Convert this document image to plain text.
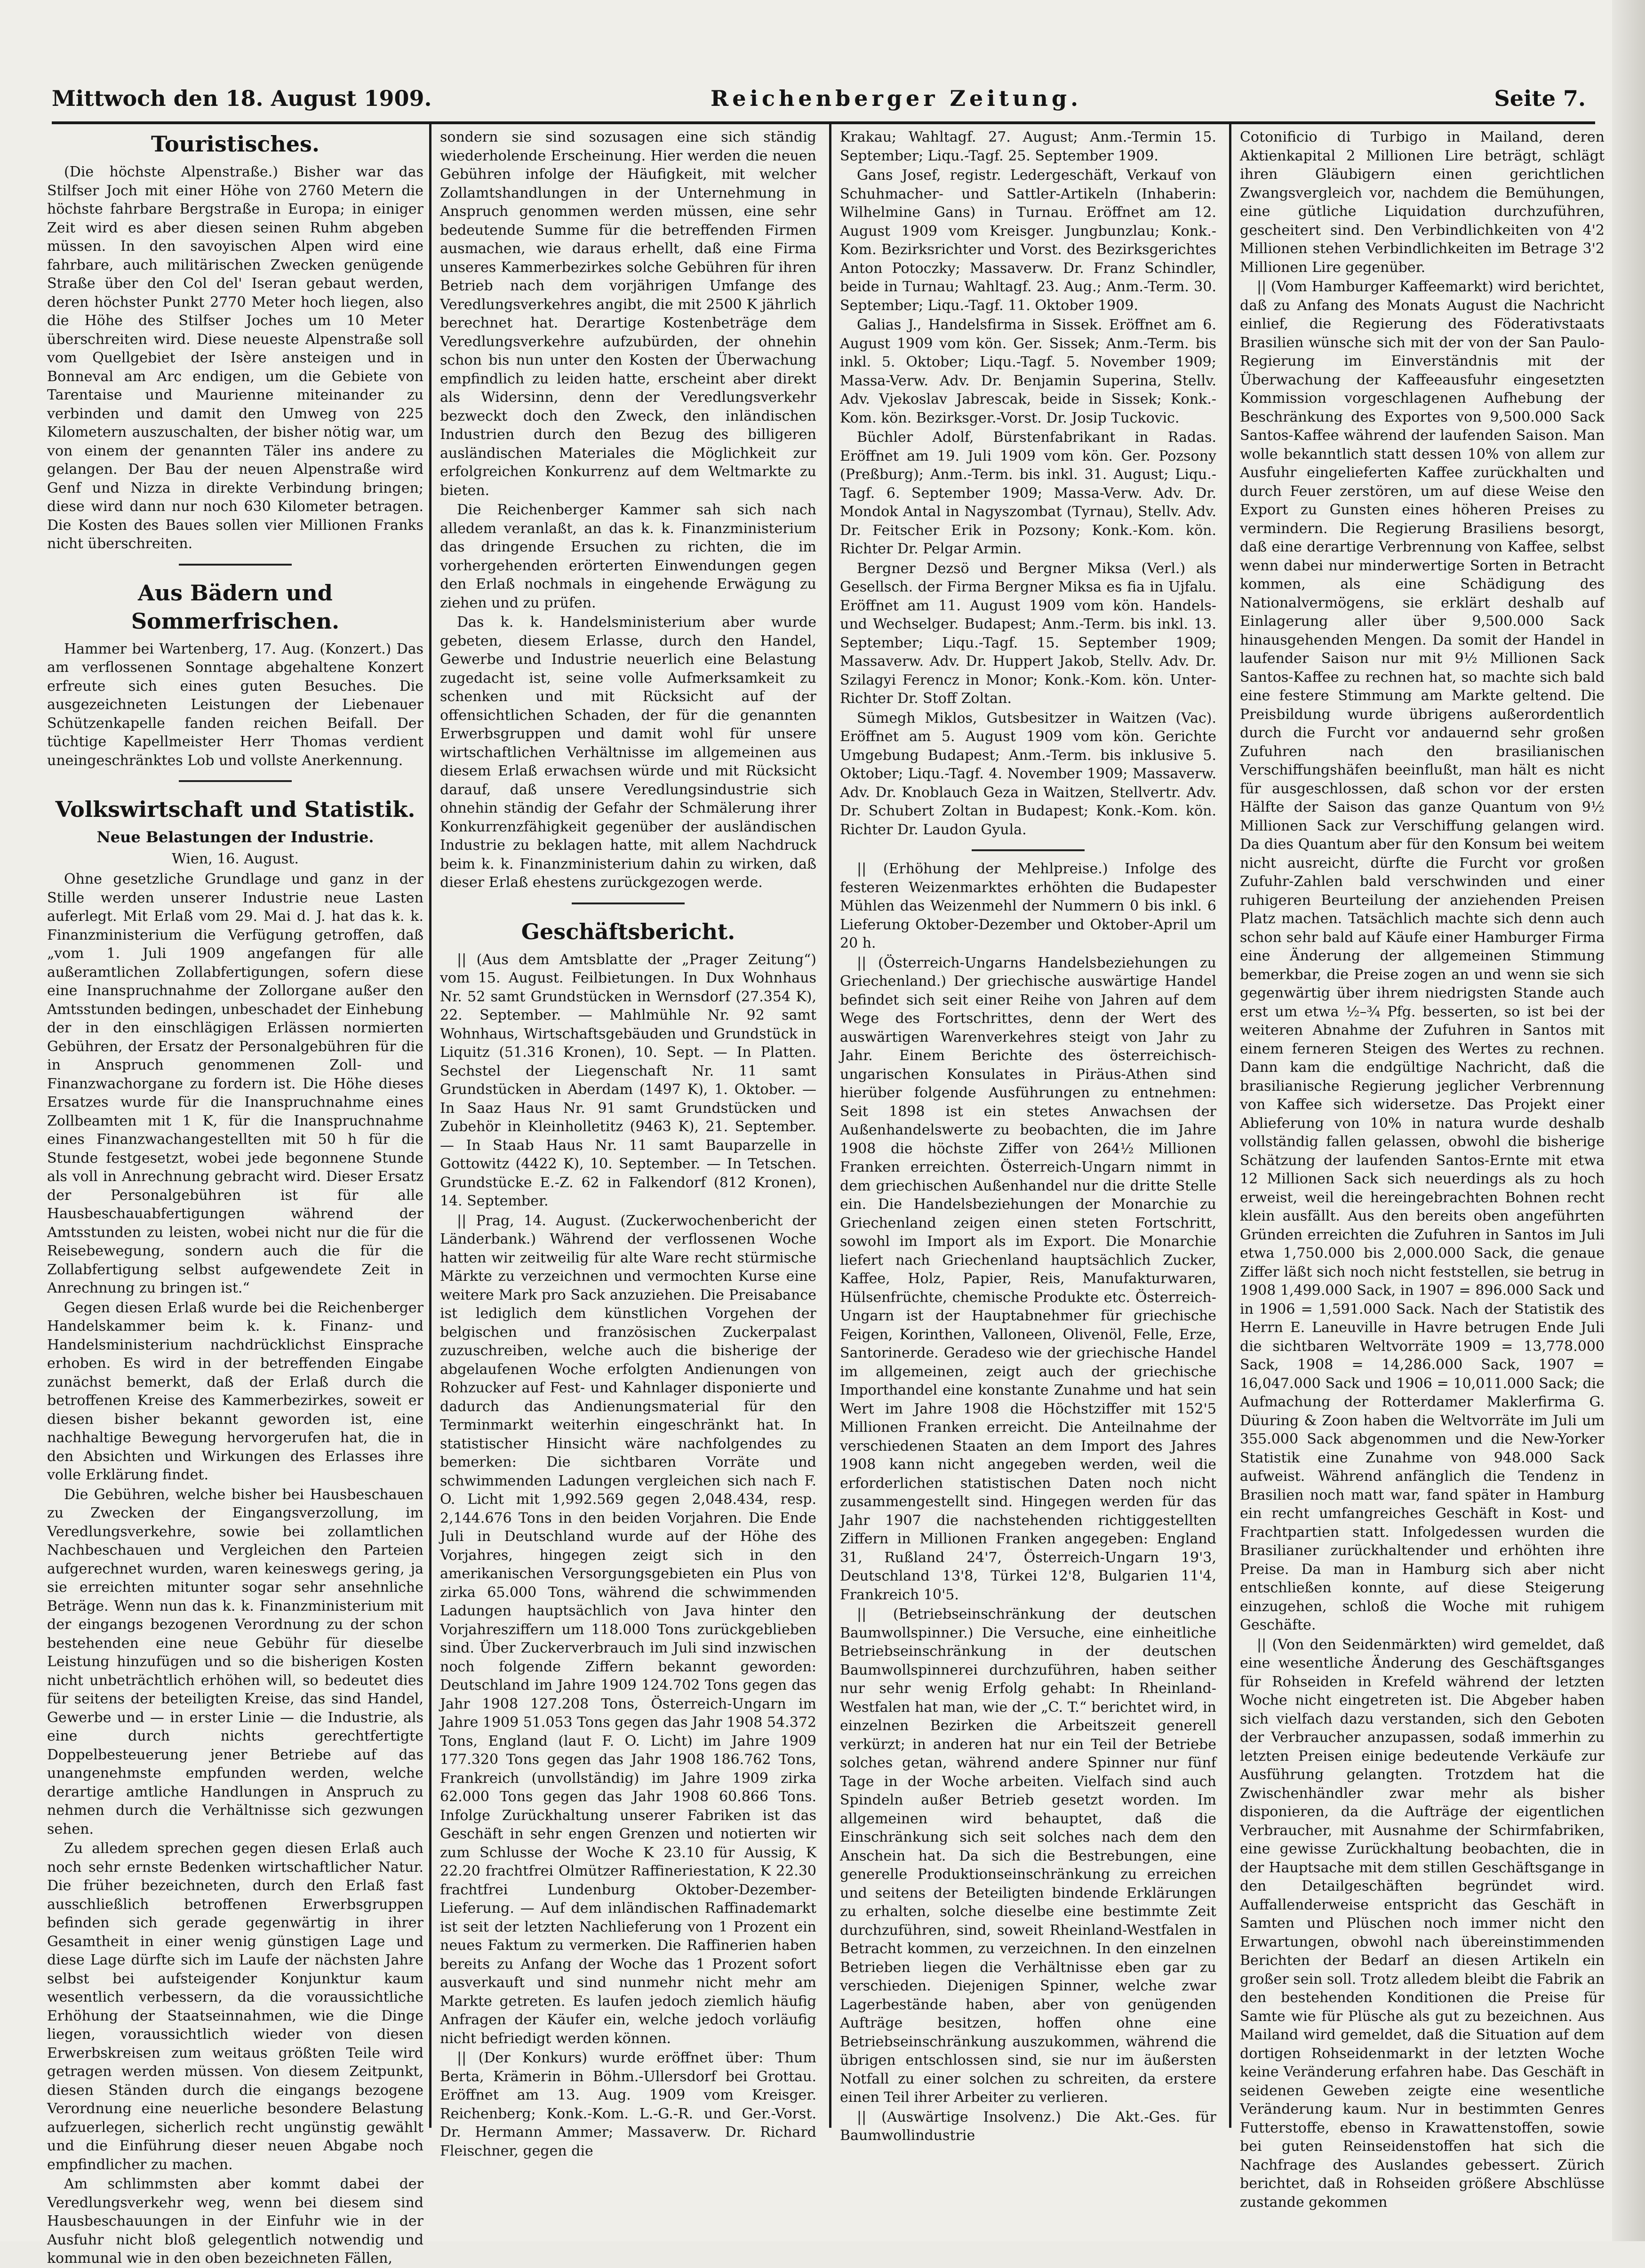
Mittwoch den 18. August 1909.	Reichenberger Zeitung.	Seite 7.
Touristisches.

(Die höchste Alpenstraße.) Bisher war das Stilfser Joch mit einer Höhe von 2760 Metern die höchste fahrbare Bergstraße in Europa; in einiger Zeit wird es aber diesen seinen Ruhm abgeben müssen. In den savoyischen Alpen wird eine fahrbare, auch militärischen Zwecken genügende Straße über den Col del' Iseran gebaut werden, deren höchster Punkt 2770 Meter hoch liegen, also die Höhe des Stilfser Joches um 10 Meter überschreiten wird. Diese neueste Alpenstraße soll vom Quellgebiet der Isère ansteigen und in Bonneval am Arc endigen, um die Gebiete von Tarentaise und Maurienne miteinander zu verbinden und damit den Umweg von 225 Kilometern auszuschalten, der bisher nötig war, um von einem der genannten Täler ins andere zu gelangen. Der Bau der neuen Alpenstraße wird Genf und Nizza in direkte Verbindung bringen; diese wird dann nur noch 630 Kilometer betragen. Die Kosten des Baues sollen vier Millionen Franks nicht überschreiten.

Aus Bädern und Sommerfrischen.

Hammer bei Wartenberg, 17. Aug. (Konzert.) Das am verflossenen Sonntage abgehaltene Konzert erfreute sich eines guten Besuches. Die ausgezeichneten Leistungen der Liebenauer Schützenkapelle fanden reichen Beifall. Der tüchtige Kapellmeister Herr Thomas verdient uneingeschränktes Lob und vollste Anerkennung.

Volkswirtschaft und Statistik.
Neue Belastungen der Industrie.
Wien, 16. August.

Ohne gesetzliche Grundlage und ganz in der Stille werden unserer Industrie neue Lasten auferlegt. Mit Erlaß vom 29. Mai d. J. hat das k. k. Finanzministerium die Verfügung getroffen, daß „vom 1. Juli 1909 angefangen für alle außeramtlichen Zollabfertigungen, sofern diese eine Inanspruchnahme der Zollorgane außer den Amtsstunden bedingen, unbeschadet der Einhebung der in den einschlägigen Erlässen normierten Gebühren, der Ersatz der Personalgebühren für die in Anspruch genommenen Zoll- und Finanzwachorgane zu fordern ist. Die Höhe dieses Ersatzes wurde für die Inanspruchnahme eines Zollbeamten mit 1 K, für die Inanspruchnahme eines Finanzwachangestellten mit 50 h für die Stunde festgesetzt, wobei jede begonnene Stunde als voll in Anrechnung gebracht wird. Dieser Ersatz der Personalgebühren ist für alle Hausbeschauabfertigungen während der Amtsstunden zu leisten, wobei nicht nur die für die Reisebewegung, sondern auch die für die Zollabfertigung selbst aufgewendete Zeit in Anrechnung zu bringen ist.“

Gegen diesen Erlaß wurde bei die Reichenberger Handelskammer beim k. k. Finanz- und Handelsministerium nachdrücklichst Einsprache erhoben. Es wird in der betreffenden Eingabe zunächst bemerkt, daß der Erlaß durch die betroffenen Kreise des Kammerbezirkes, soweit er diesen bisher bekannt geworden ist, eine nachhaltige Bewegung hervorgerufen hat, die in den Absichten und Wirkungen des Erlasses ihre volle Erklärung findet.

Die Gebühren, welche bisher bei Hausbeschauen zu Zwecken der Eingangsverzollung, im Veredlungsverkehre, sowie bei zollamtlichen Nachbeschauen und Vergleichen den Parteien aufgerechnet wurden, waren keineswegs gering, ja sie erreichten mitunter sogar sehr ansehnliche Beträge. Wenn nun das k. k. Finanzministerium mit der eingangs bezogenen Verordnung zu der schon bestehenden eine neue Gebühr für dieselbe Leistung hinzufügen und so die bisherigen Kosten nicht unbeträchtlich erhöhen will, so bedeutet dies für seitens der beteiligten Kreise, das sind Handel, Gewerbe und — in erster Linie — die Industrie, als eine durch nichts gerechtfertigte Doppelbesteuerung jener Betriebe auf das unangenehmste empfunden werden, welche derartige amtliche Handlungen in Anspruch zu nehmen durch die Verhältnisse sich gezwungen sehen.

Zu alledem sprechen gegen diesen Erlaß auch noch sehr ernste Bedenken wirtschaftlicher Natur. Die früher bezeichneten, durch den Erlaß fast ausschließlich betroffenen Erwerbsgruppen befinden sich gerade gegenwärtig in ihrer Gesamtheit in einer wenig günstigen Lage und diese Lage dürfte sich im Laufe der nächsten Jahre selbst bei aufsteigender Konjunktur kaum wesentlich verbessern, da die voraussichtliche Erhöhung der Staatseinnahmen, wie die Dinge liegen, voraussichtlich wieder von diesen Erwerbskreisen zum weitaus größten Teile wird getragen werden müssen. Von diesem Zeitpunkt, diesen Ständen durch die eingangs bezogene Verordnung eine neuerliche besondere Belastung aufzuerlegen, sicherlich recht ungünstig gewählt und die Einführung dieser neuen Abgabe noch empfindlicher zu machen.

Am schlimmsten aber kommt dabei der Veredlungsverkehr weg, wenn bei diesem sind Hausbeschauungen in der Einfuhr wie in der Ausfuhr nicht bloß gelegentlich notwendig und kommunal wie in den oben bezeichneten Fällen,

sondern sie sind sozusagen eine sich ständig wiederholende Erscheinung. Hier werden die neuen Gebühren infolge der Häufigkeit, mit welcher Zollamtshandlungen in der Unternehmung in Anspruch genommen werden müssen, eine sehr bedeutende Summe für die betreffenden Firmen ausmachen, wie daraus erhellt, daß eine Firma unseres Kammerbezirkes solche Gebühren für ihren Betrieb nach dem vorjährigen Umfange des Veredlungsverkehres angibt, die mit 2500 K jährlich berechnet hat. Derartige Kostenbeträge dem Veredlungsverkehre aufzubürden, der ohnehin schon bis nun unter den Kosten der Überwachung empfindlich zu leiden hatte, erscheint aber direkt als Widersinn, denn der Veredlungsverkehr bezweckt doch den Zweck, den inländischen Industrien durch den Bezug des billigeren ausländischen Materiales die Möglichkeit zur erfolgreichen Konkurrenz auf dem Weltmarkte zu bieten.

Die Reichenberger Kammer sah sich nach alledem veranlaßt, an das k. k. Finanzministerium das dringende Ersuchen zu richten, die im vorhergehenden erörterten Einwendungen gegen den Erlaß nochmals in eingehende Erwägung zu ziehen und zu prüfen.

Das k. k. Handelsministerium aber wurde gebeten, diesem Erlasse, durch den Handel, Gewerbe und Industrie neuerlich eine Belastung zugedacht ist, seine volle Aufmerksamkeit zu schenken und mit Rücksicht auf der offensichtlichen Schaden, der für die genannten Erwerbsgruppen und damit wohl für unsere wirtschaftlichen Verhältnisse im allgemeinen aus diesem Erlaß erwachsen würde und mit Rücksicht darauf, daß unsere Veredlungsindustrie sich ohnehin ständig der Gefahr der Schmälerung ihrer Konkurrenzfähigkeit gegenüber der ausländischen Industrie zu beklagen hatte, mit allem Nachdruck beim k. k. Finanzministerium dahin zu wirken, daß dieser Erlaß ehestens zurückgezogen werde.

Geschäftsbericht.

|| (Aus dem Amtsblatte der „Prager Zeitung“) vom 15. August. Feilbietungen. In Dux Wohnhaus Nr. 52 samt Grundstücken in Wernsdorf (27.354 K), 22. September. — Mahlmühle Nr. 92 samt Wohnhaus, Wirtschaftsgebäuden und Grundstück in Liquitz (51.316 Kronen), 10. Sept. — In Platten. Sechstel der Liegenschaft Nr. 11 samt Grundstücken in Aberdam (1497 K), 1. Oktober. — In Saaz Haus Nr. 91 samt Grundstücken und Zubehör in Kleinholletitz (9463 K), 21. September. — In Staab Haus Nr. 11 samt Bauparzelle in Gottowitz (4422 K), 10. September. — In Tetschen. Grundstücke E.-Z. 62 in Falkendorf (812 Kronen), 14. September.

|| Prag, 14. August. (Zuckerwochenbericht der Länderbank.) Während der verflossenen Woche hatten wir zeitweilig für alte Ware recht stürmische Märkte zu verzeichnen und vermochten Kurse eine weitere Mark pro Sack anzuziehen. Die Preisabance ist lediglich dem künstlichen Vorgehen der belgischen und französischen Zuckerpalast zuzuschreiben, welche auch die bisherige der abgelaufenen Woche erfolgten Andienungen von Rohzucker auf Fest- und Kahnlager disponierte und dadurch das Andienungsmaterial für den Terminmarkt weiterhin eingeschränkt hat. In statistischer Hinsicht wäre nachfolgendes zu bemerken: Die sichtbaren Vorräte und schwimmenden Ladungen vergleichen sich nach F. O. Licht mit 1,992.569 gegen 2,048.434, resp. 2,144.676 Tons in den beiden Vorjahren. Die Ende Juli in Deutschland wurde auf der Höhe des Vorjahres, hingegen zeigt sich in den amerikanischen Versorgungsgebieten ein Plus von zirka 65.000 Tons, während die schwimmenden Ladungen hauptsächlich von Java hinter den Vorjahresziffern um 118.000 Tons zurückgeblieben sind. Über Zuckerverbrauch im Juli sind inzwischen noch folgende Ziffern bekannt geworden: Deutschland im Jahre 1909 124.702 Tons gegen das Jahr 1908 127.208 Tons, Österreich-Ungarn im Jahre 1909 51.053 Tons gegen das Jahr 1908 54.372 Tons, England (laut F. O. Licht) im Jahre 1909 177.320 Tons gegen das Jahr 1908 186.762 Tons, Frankreich (unvollständig) im Jahre 1909 zirka 62.000 Tons gegen das Jahr 1908 60.866 Tons. Infolge Zurückhaltung unserer Fabriken ist das Geschäft in sehr engen Grenzen und notierten wir zum Schlusse der Woche K 23.10 für Aussig, K 22.20 frachtfrei Olmützer Raffineriestation, K 22.30 frachtfrei Lundenburg Oktober-Dezember-Lieferung. — Auf dem inländischen Raffinademarkt ist seit der letzten Nachlieferung von 1 Prozent ein neues Faktum zu vermerken. Die Raffinerien haben bereits zu Anfang der Woche das 1 Prozent sofort ausverkauft und sind nunmehr nicht mehr am Markte getreten. Es laufen jedoch ziemlich häufig Anfragen der Käufer ein, welche jedoch vorläufig nicht befriedigt werden können.

|| (Der Konkurs) wurde eröffnet über: Thum Berta, Krämerin in Böhm.-Ullersdorf bei Grottau. Eröffnet am 13. Aug. 1909 vom Kreisger. Reichenberg; Konk.-Kom. L.-G.-R. und Ger.-Vorst. Dr. Hermann Ammer; Massaverw. Dr. Richard Fleischner, gegen die

Krakau; Wahltagf. 27. August; Anm.-Termin 15. September; Liqu.-Tagf. 25. September 1909.

Gans Josef, registr. Ledergeschäft, Verkauf von Schuhmacher- und Sattler-Artikeln (Inhaberin: Wilhelmine Gans) in Turnau. Eröffnet am 12. August 1909 vom Kreisger. Jungbunzlau; Konk.-Kom. Bezirksrichter und Vorst. des Bezirksgerichtes Anton Potoczky; Massaverw. Dr. Franz Schindler, beide in Turnau; Wahltagf. 23. Aug.; Anm.-Term. 30. September; Liqu.-Tagf. 11. Oktober 1909.

Galias J., Handelsfirma in Sissek. Eröffnet am 6. August 1909 vom kön. Ger. Sissek; Anm.-Term. bis inkl. 5. Oktober; Liqu.-Tagf. 5. November 1909; Massa-Verw. Adv. Dr. Benjamin Superina, Stellv. Adv. Vjekoslav Jabrescak, beide in Sissek; Konk.-Kom. kön. Bezirksger.-Vorst. Dr. Josip Tuckovic.

Büchler Adolf, Bürstenfabrikant in Radas. Eröffnet am 19. Juli 1909 vom kön. Ger. Pozsony (Preßburg); Anm.-Term. bis inkl. 31. August; Liqu.-Tagf. 6. September 1909; Massa-Verw. Adv. Dr. Mondok Antal in Nagyszombat (Tyrnau), Stellv. Adv. Dr. Feitscher Erik in Pozsony; Konk.-Kom. kön. Richter Dr. Pelgar Armin.

Bergner Dezsö und Bergner Miksa (Verl.) als Gesellsch. der Firma Bergner Miksa es fia in Ujfalu. Eröffnet am 11. August 1909 vom kön. Handels- und Wechselger. Budapest; Anm.-Term. bis inkl. 13. September; Liqu.-Tagf. 15. September 1909; Massaverw. Adv. Dr. Huppert Jakob, Stellv. Adv. Dr. Szilagyi Ferencz in Monor; Konk.-Kom. kön. Unter-Richter Dr. Stoff Zoltan.

Sümegh Miklos, Gutsbesitzer in Waitzen (Vac). Eröffnet am 5. August 1909 vom kön. Gerichte Umgebung Budapest; Anm.-Term. bis inklusive 5. Oktober; Liqu.-Tagf. 4. November 1909; Massaverw. Adv. Dr. Knoblauch Geza in Waitzen, Stellvertr. Adv. Dr. Schubert Zoltan in Budapest; Konk.-Kom. kön. Richter Dr. Laudon Gyula.

|| (Erhöhung der Mehlpreise.) Infolge des festeren Weizenmarktes erhöhten die Budapester Mühlen das Weizenmehl der Nummern 0 bis inkl. 6 Lieferung Oktober-Dezember und Oktober-April um 20 h.

|| (Österreich-Ungarns Handelsbeziehungen zu Griechenland.) Der griechische auswärtige Handel befindet sich seit einer Reihe von Jahren auf dem Wege des Fortschrittes, denn der Wert des auswärtigen Warenverkehres steigt von Jahr zu Jahr. Einem Berichte des österreichisch-ungarischen Konsulates in Piräus-Athen sind hierüber folgende Ausführungen zu entnehmen: Seit 1898 ist ein stetes Anwachsen der Außenhandelswerte zu beobachten, die im Jahre 1908 die höchste Ziffer von 264½ Millionen Franken erreichten. Österreich-Ungarn nimmt in dem griechischen Außenhandel nur die dritte Stelle ein. Die Handelsbeziehungen der Monarchie zu Griechenland zeigen einen steten Fortschritt, sowohl im Import als im Export. Die Monarchie liefert nach Griechenland hauptsächlich Zucker, Kaffee, Holz, Papier, Reis, Manufakturwaren, Hülsenfrüchte, chemische Produkte etc. Österreich-Ungarn ist der Hauptabnehmer für griechische Feigen, Korinthen, Valloneen, Olivenöl, Felle, Erze, Santorinerde. Geradeso wie der griechische Handel im allgemeinen, zeigt auch der griechische Importhandel eine konstante Zunahme und hat sein Wert im Jahre 1908 die Höchstziffer mit 152'5 Millionen Franken erreicht. Die Anteilnahme der verschiedenen Staaten an dem Import des Jahres 1908 kann nicht angegeben werden, weil die erforderlichen statistischen Daten noch nicht zusammengestellt sind. Hingegen werden für das Jahr 1907 die nachstehenden richtiggestellten Ziffern in Millionen Franken angegeben: England 31, Rußland 24'7, Österreich-Ungarn 19'3, Deutschland 13'8, Türkei 12'8, Bulgarien 11'4, Frankreich 10'5.

|| (Betriebseinschränkung der deutschen Baumwollspinner.) Die Versuche, eine einheitliche Betriebseinschränkung in der deutschen Baumwollspinnerei durchzuführen, haben seither nur sehr wenig Erfolg gehabt: In Rheinland-Westfalen hat man, wie der „C. T.“ berichtet wird, in einzelnen Bezirken die Arbeitszeit generell verkürzt; in anderen hat nur ein Teil der Betriebe solches getan, während andere Spinner nur fünf Tage in der Woche arbeiten. Vielfach sind auch Spindeln außer Betrieb gesetzt worden. Im allgemeinen wird behauptet, daß die Einschränkung sich seit solches nach dem den Anschein hat. Da sich die Bestrebungen, eine generelle Produktionseinschränkung zu erreichen und seitens der Beteiligten bindende Erklärungen zu erhalten, solche dieselbe eine bestimmte Zeit durchzuführen, sind, soweit Rheinland-Westfalen in Betracht kommen, zu verzeichnen. In den einzelnen Betrieben liegen die Verhältnisse eben gar zu verschieden. Diejenigen Spinner, welche zwar Lagerbestände haben, aber von genügenden Aufträge besitzen, hoffen ohne eine Betriebseinschränkung auszukommen, während die übrigen entschlossen sind, sie nur im äußersten Notfall zu einer solchen zu schreiten, da erstere einen Teil ihrer Arbeiter zu verlieren.

|| (Auswärtige Insolvenz.) Die Akt.-Ges. für Baumwollindustrie

Cotonificio di Turbigo in Mailand, deren Aktienkapital 2 Millionen Lire beträgt, schlägt ihren Gläubigern einen gerichtlichen Zwangsvergleich vor, nachdem die Bemühungen, eine gütliche Liquidation durchzuführen, gescheitert sind. Den Verbindlichkeiten von 4'2 Millionen stehen Verbindlichkeiten im Betrage 3'2 Millionen Lire gegenüber.

|| (Vom Hamburger Kaffeemarkt) wird berichtet, daß zu Anfang des Monats August die Nachricht einlief, die Regierung des Föderativstaats Brasilien wünsche sich mit der von der San Paulo-Regierung im Einverständnis mit der Überwachung der Kaffeeausfuhr eingesetzten Kommission vorgeschlagenen Aufhebung der Beschränkung des Exportes von 9,500.000 Sack Santos-Kaffee während der laufenden Saison. Man wolle bekanntlich statt dessen 10% von allem zur Ausfuhr eingelieferten Kaffee zurückhalten und durch Feuer zerstören, um auf diese Weise den Export zu Gunsten eines höheren Preises zu vermindern. Die Regierung Brasiliens besorgt, daß eine derartige Verbrennung von Kaffee, selbst wenn dabei nur minderwertige Sorten in Betracht kommen, als eine Schädigung des Nationalvermögens, sie erklärt deshalb auf Einlagerung aller über 9,500.000 Sack hinausgehenden Mengen. Da somit der Handel in laufender Saison nur mit 9½ Millionen Sack Santos-Kaffee zu rechnen hat, so machte sich bald eine festere Stimmung am Markte geltend. Die Preisbildung wurde übrigens außerordentlich durch die Furcht vor andauernd sehr großen Zufuhren nach den brasilianischen Verschiffungshäfen beeinflußt, man hält es nicht für ausgeschlossen, daß schon vor der ersten Hälfte der Saison das ganze Quantum von 9½ Millionen Sack zur Verschiffung gelangen wird. Da dies Quantum aber für den Konsum bei weitem nicht ausreicht, dürfte die Furcht vor großen Zufuhr-Zahlen bald verschwinden und einer ruhigeren Beurteilung der anziehenden Preisen Platz machen. Tatsächlich machte sich denn auch schon sehr bald auf Käufe einer Hamburger Firma eine Änderung der allgemeinen Stimmung bemerkbar, die Preise zogen an und wenn sie sich gegenwärtig über ihrem niedrigsten Stande auch erst um etwa ½–¾ Pfg. besserten, so ist bei der weiteren Abnahme der Zufuhren in Santos mit einem ferneren Steigen des Wertes zu rechnen. Dann kam die endgültige Nachricht, daß die brasilianische Regierung jeglicher Verbrennung von Kaffee sich widersetze. Das Projekt einer Ablieferung von 10% in natura wurde deshalb vollständig fallen gelassen, obwohl die bisherige Schätzung der laufenden Santos-Ernte mit etwa 12 Millionen Sack sich neuerdings als zu hoch erweist, weil die hereingebrachten Bohnen recht klein ausfällt. Aus den bereits oben angeführten Gründen erreichten die Zufuhren in Santos im Juli etwa 1,750.000 bis 2,000.000 Sack, die genaue Ziffer läßt sich noch nicht feststellen, sie betrug in 1908 1,499.000 Sack, in 1907 = 896.000 Sack und in 1906 = 1,591.000 Sack. Nach der Statistik des Herrn E. Laneuville in Havre betrugen Ende Juli die sichtbaren Weltvorräte 1909 = 13,778.000 Sack, 1908 = 14,286.000 Sack, 1907 = 16,047.000 Sack und 1906 = 10,011.000 Sack; die Aufmachung der Rotterdamer Maklerfirma G. Düuring & Zoon haben die Weltvorräte im Juli um 355.000 Sack abgenommen und die New-Yorker Statistik eine Zunahme von 948.000 Sack aufweist. Während anfänglich die Tendenz in Brasilien noch matt war, fand später in Hamburg ein recht umfangreiches Geschäft in Kost- und Frachtpartien statt. Infolgedessen wurden die Brasilianer zurückhaltender und erhöhten ihre Preise. Da man in Hamburg sich aber nicht entschließen konnte, auf diese Steigerung einzugehen, schloß die Woche mit ruhigem Geschäfte.

|| (Von den Seidenmärkten) wird gemeldet, daß eine wesentliche Änderung des Geschäftsganges für Rohseiden in Krefeld während der letzten Woche nicht eingetreten ist. Die Abgeber haben sich vielfach dazu verstanden, sich den Geboten der Verbraucher anzupassen, sodaß immerhin zu letzten Preisen einige bedeutende Verkäufe zur Ausführung gelangten. Trotzdem hat die Zwischenhändler zwar mehr als bisher disponieren, da die Aufträge der eigentlichen Verbraucher, mit Ausnahme der Schirmfabriken, eine gewisse Zurückhaltung beobachten, die in der Hauptsache mit dem stillen Geschäftsgange in den Detailgeschäften begründet wird. Auffallenderweise entspricht das Geschäft in Samten und Plüschen noch immer nicht den Erwartungen, obwohl nach übereinstimmenden Berichten der Bedarf an diesen Artikeln ein großer sein soll. Trotz alledem bleibt die Fabrik an den bestehenden Konditionen die Preise für Samte wie für Plüsche als gut zu bezeichnen. Aus Mailand wird gemeldet, daß die Situation auf dem dortigen Rohseidenmarkt in der letzten Woche keine Veränderung erfahren habe. Das Geschäft in seidenen Geweben zeigte eine wesentliche Veränderung kaum. Nur in bestimmten Genres Futterstoffe, ebenso in Krawattenstoffen, sowie bei guten Reinseidenstoffen hat sich die Nachfrage des Auslandes gebessert. Zürich berichtet, daß in Rohseiden größere Abschlüsse zustande gekommen
